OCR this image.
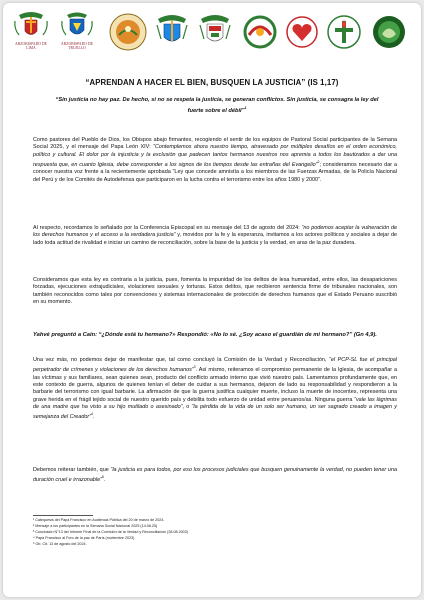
ARZOBISPADO DE LIMA
ARZOBISPADO DE TRUJILLO
“APRENDAN A HACER EL BIEN, BUSQUEN LA JUSTICIA” (IS 1,17)
“Sin justicia no hay paz. De hecho, si no se respeta la justicia, se generan conflictos. Sin justicia, se consagra la ley del fuerte sobre el débil”$^1$
Como pastores del Pueblo de Dios, los Obispos abajo firmantes, recogiendo el sentir de los equipos de Pastoral Social participantes de la Semana Social 2025, y el mensaje del Papa León XIV: “Contemplemos ahora nuestro tiempo, atravesado por múltiples desafíos en el orden económico, político y cultural. El dolor por la injusticia y la exclusión que padecen tantos hermanos nuestros nos apremia a todos los bautizados a dar una respuesta que, en cuanto Iglesia, debe corresponder a los signos de los tiempos desde las entrañas del Evangelio”$^2$; consideramos necesario dar a conocer nuestra voz frente a la recientemente aprobada “Ley que concede amnistía a los miembros de las Fuerzas Armadas, de la Policía Nacional del Perú y de los Comités de Autodefensa que participaron en la lucha contra el terrorismo entre los años 1980 y 2000”.
Al respecto, recordamos lo señalado por la Conferencia Episcopal en su mensaje del 13 de agosto del 2024: “no podemos aceptar la vulneración de los derechos humanos y el acceso a la verdadera justicia” y, movidos por la fe y la esperanza, invitamos a los actores políticos y sociales a dejar de lado toda actitud de rivalidad e iniciar un camino de reconciliación, sobre la base de la justicia y la verdad, en aras de la paz duradera.
Consideramos que esta ley es contraria a la justicia, pues, fomenta la impunidad de los delitos de lesa humanidad, entre ellos, las desapariciones forzadas, ejecuciones extrajudiciales, violaciones sexuales y torturas. Estos delitos, que recibieron sentencia firme de tribunales nacionales, son también reconocidos como tales por convenciones y sistemas internacionales de protección de derechos humanos que el Estado Peruano suscribió en su momento.
Yahvé preguntó a Caín: “¿Dónde está tu hermano?» Respondió: «No lo sé. ¿Soy acaso el guardián de mi hermano?” (Gn 4,9).
Una vez más, no podemos dejar de manifestar que, tal como concluyó la Comisión de la Verdad y Reconciliación, “el PCP-SL fue el principal perpetrador de crímenes y violaciones de los derechos humanos”$^3$. Así mismo, reiteramos el compromiso permanente de la Iglesia, de acompañar a las víctimas y sus familiares, sean quienes sean, producto del conflicto armado interno que vivió nuestro país. Lamentamos profundamente que, en este contexto de guerra, algunos de quienes tenían el deber de cuidar a sus hermanos, dejaron de lado su responsabilidad y respondieron a la barbarie del terrorismo con igual barbarie. La afirmación de que la guerra justifica cualquier muerte, incluso la muerte de inocentes, representa una grave herida en el frágil tejido social de nuestro querido país y debilita todo esfuerzo de unidad entre peruanos/as. Ninguna guerra “vale las lágrimas de una madre que ha visto a su hijo mutilado o asesinado”, o “la pérdida de la vida de un solo ser humano, un ser sagrado creado a imagen y semejanza del Creador”$^4$.
Debemos reiterar también, que “la justicia es para todos, por eso los procesos judiciales que busquen genuinamente la verdad, no pueden tener una duración cruel e irrazonable”$^5$.
¹ Catequesis del Papa Francisco en Audiencia Pública del 20 de marzo de 2024.
² Mensaje a los participantes en la Semana Social Nacional 2025 (14.08.25)
³ Conclusión N°13 del Informe Final de la Comisión de la Verdad y Reconciliación (28.08.2003)
⁴ Papa Francisco al Foro de la paz de París (noviembre 2023)
⁵ Ob. Cit. 13 de agosto del 2024.
